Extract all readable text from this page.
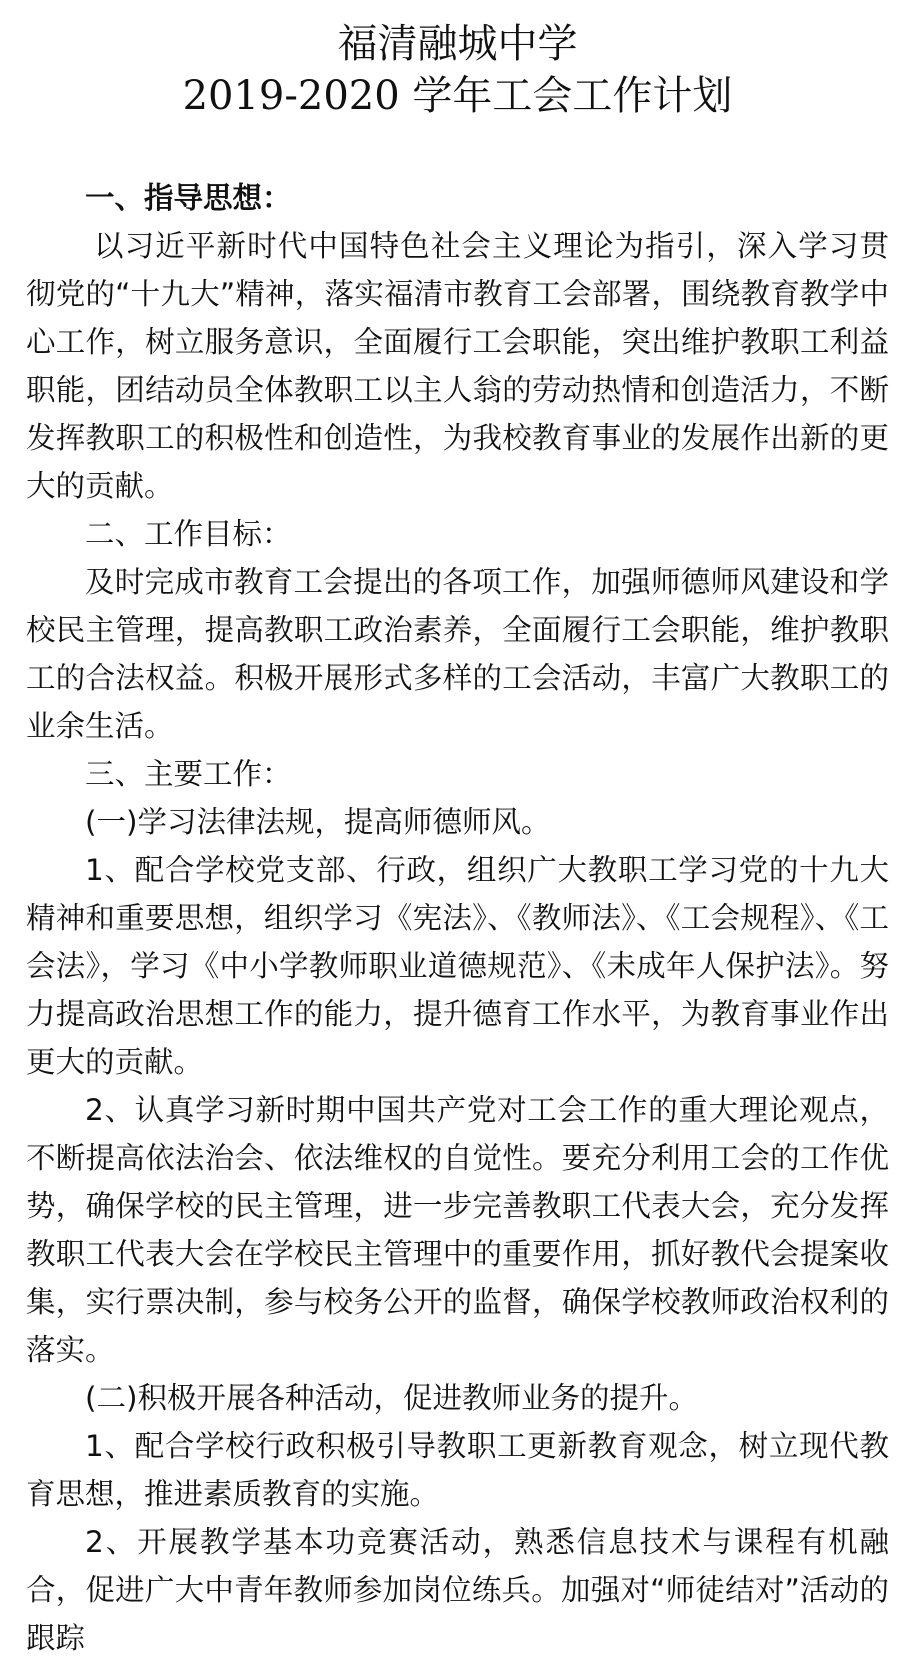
福清融城中学
2019-2020 学年工会工作计划

一、指导思想：

以习近平新时代中国特色社会主义理论为指引，深入学习贯彻党的“十九大”精神，落实福清市教育工会部署，围绕教育教学中心工作，树立服务意识，全面履行工会职能，突出维护教职工利益职能，团结动员全体教职工以主人翁的劳动热情和创造活力，不断发挥教职工的积极性和创造性，为我校教育事业的发展作出新的更大的贡献。

二、工作目标：

及时完成市教育工会提出的各项工作，加强师德师风建设和学校民主管理，提高教职工政治素养，全面履行工会职能，维护教职工的合法权益。积极开展形式多样的工会活动，丰富广大教职工的业余生活。

三、主要工作：

(一)学习法律法规，提高师德师风。

1、配合学校党支部、行政，组织广大教职工学习党的十九大精神和重要思想，组织学习《宪法》、《教师法》、《工会规程》、《工会法》，学习《中小学教师职业道德规范》、《未成年人保护法》。努力提高政治思想工作的能力，提升德育工作水平，为教育事业作出更大的贡献。

2、认真学习新时期中国共产党对工会工作的重大理论观点，不断提高依法治会、依法维权的自觉性。要充分利用工会的工作优势，确保学校的民主管理，进一步完善教职工代表大会，充分发挥教职工代表大会在学校民主管理中的重要作用，抓好教代会提案收集，实行票决制，参与校务公开的监督，确保学校教师政治权利的落实。

(二)积极开展各种活动，促进教师业务的提升。

1、配合学校行政积极引导教职工更新教育观念，树立现代教育思想，推进素质教育的实施。

2、开展教学基本功竞赛活动，熟悉信息技术与课程有机融合，促进广大中青年教师参加岗位练兵。加强对“师徒结对”活动的跟踪
